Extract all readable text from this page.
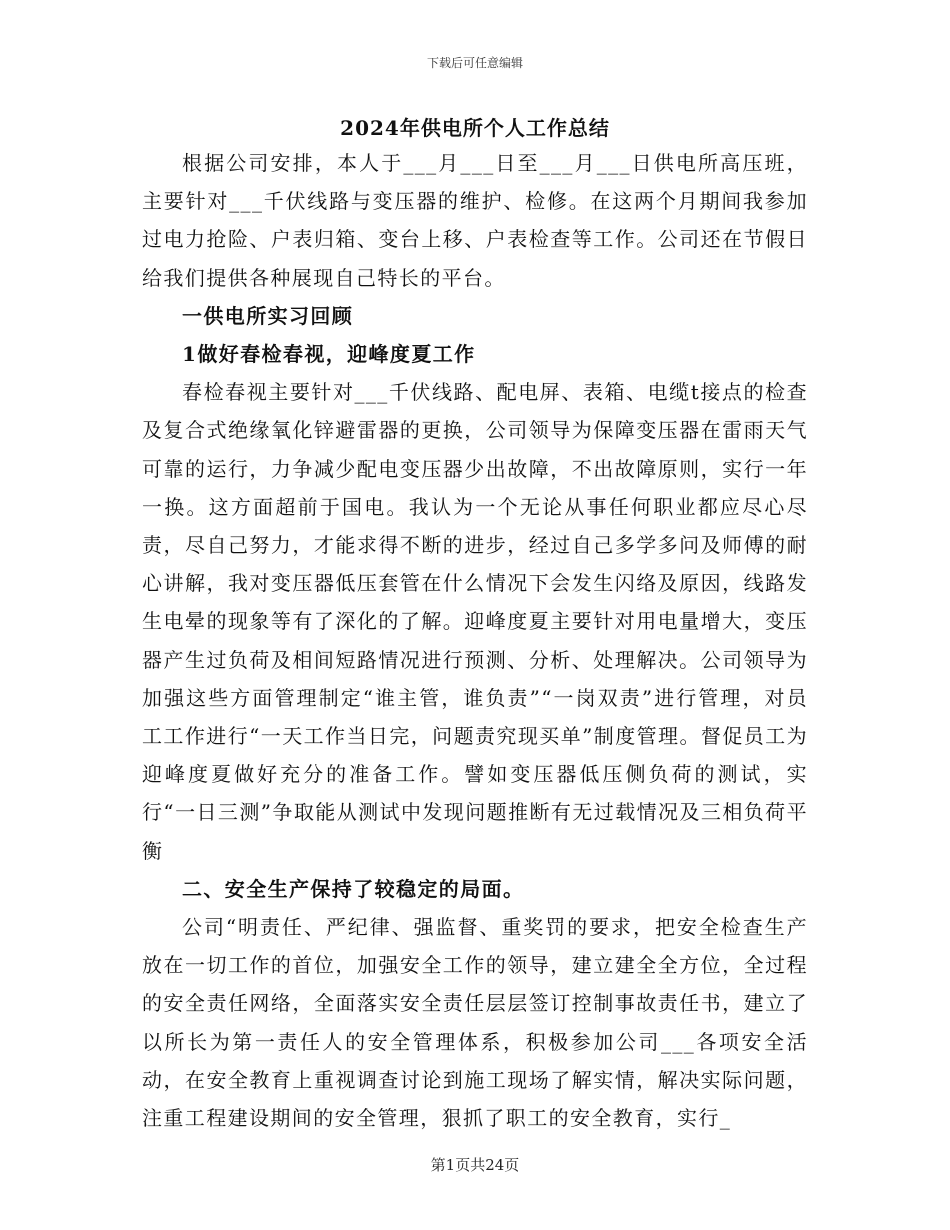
下载后可任意编辑
2024年供电所个人工作总结

根据公司安排，本人于___月___日至___月___日供电所高压班，主要针对___千伏线路与变压器的维护、检修。在这两个月期间我参加过电力抢险、户表归箱、变台上移、户表检查等工作。公司还在节假日给我们提供各种展现自己特长的平台。

一供电所实习回顾

1做好春检春视，迎峰度夏工作

春检春视主要针对___千伏线路、配电屏、表箱、电缆t接点的检查及复合式绝缘氧化锌避雷器的更换，公司领导为保障变压器在雷雨天气可靠的运行，力争减少配电变压器少出故障，不出故障原则，实行一年一换。这方面超前于国电。我认为一个无论从事任何职业都应尽心尽责，尽自己努力，才能求得不断的进步，经过自己多学多问及师傅的耐心讲解，我对变压器低压套管在什么情况下会发生闪络及原因，线路发生电晕的现象等有了深化的了解。迎峰度夏主要针对用电量增大，变压器产生过负荷及相间短路情况进行预测、分析、处理解决。公司领导为加强这些方面管理制定“谁主管，谁负责”“一岗双责”进行管理，对员工工作进行“一天工作当日完，问题责究现买单”制度管理。督促员工为迎峰度夏做好充分的准备工作。譬如变压器低压侧负荷的测试，实行“一日三测”争取能从测试中发现问题推断有无过载情况及三相负荷平衡

二、安全生产保持了较稳定的局面。

公司“明责任、严纪律、强监督、重奖罚的要求，把安全检查生产放在一切工作的首位，加强安全工作的领导，建立建全全方位，全过程的安全责任网络，全面落实安全责任层层签订控制事故责任书，建立了以所长为第一责任人的安全管理体系，积极参加公司___各项安全活动，在安全教育上重视调查讨论到施工现场了解实情，解决实际问题，注重工程建设期间的安全管理，狠抓了职工的安全教育，实行_

第1页共24页
